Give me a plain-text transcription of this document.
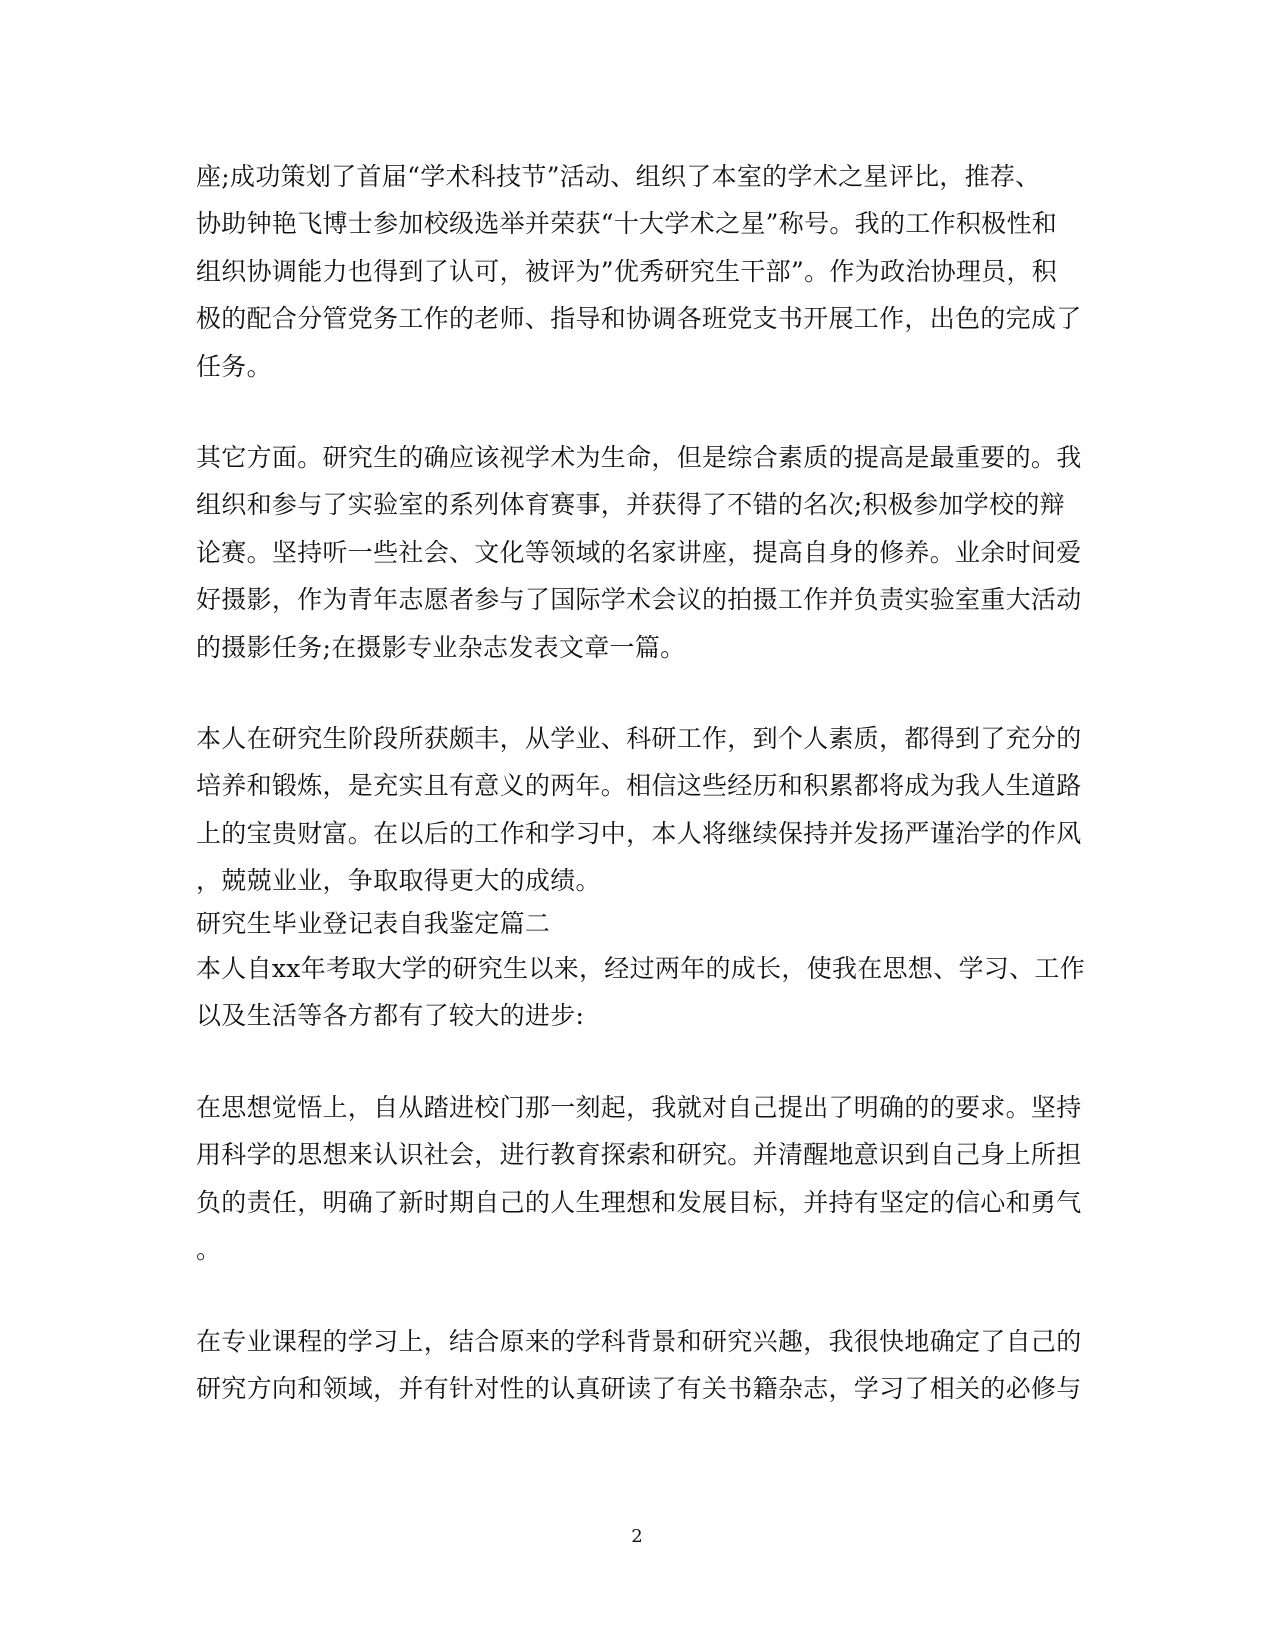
座;成功策划了首届“学术科技节”活动、组织了本室的学术之星评比，推荐、
协助钟艳飞博士参加校级选举并荣获“十大学术之星”称号。我的工作积极性和
组织协调能力也得到了认可，被评为”优秀研究生干部”。作为政治协理员，积
极的配合分管党务工作的老师、指导和协调各班党支书开展工作，出色的完成了
任务。
其它方面。研究生的确应该视学术为生命，但是综合素质的提高是最重要的。我
组织和参与了实验室的系列体育赛事，并获得了不错的名次;积极参加学校的辩
论赛。坚持听一些社会、文化等领域的名家讲座，提高自身的修养。业余时间爱
好摄影，作为青年志愿者参与了国际学术会议的拍摄工作并负责实验室重大活动
的摄影任务;在摄影专业杂志发表文章一篇。
本人在研究生阶段所获颇丰，从学业、科研工作，到个人素质，都得到了充分的
培养和锻炼，是充实且有意义的两年。相信这些经历和积累都将成为我人生道路
上的宝贵财富。在以后的工作和学习中，本人将继续保持并发扬严谨治学的作风
，兢兢业业，争取取得更大的成绩。
研究生毕业登记表自我鉴定篇二
本人自xx年考取大学的研究生以来，经过两年的成长，使我在思想、学习、工作
以及生活等各方都有了较大的进步:
在思想觉悟上，自从踏进校门那一刻起，我就对自己提出了明确的的要求。坚持
用科学的思想来认识社会，进行教育探索和研究。并清醒地意识到自己身上所担
负的责任，明确了新时期自己的人生理想和发展目标，并持有坚定的信心和勇气
。
在专业课程的学习上，结合原来的学科背景和研究兴趣，我很快地确定了自己的
研究方向和领域，并有针对性的认真研读了有关书籍杂志，学习了相关的必修与
2
